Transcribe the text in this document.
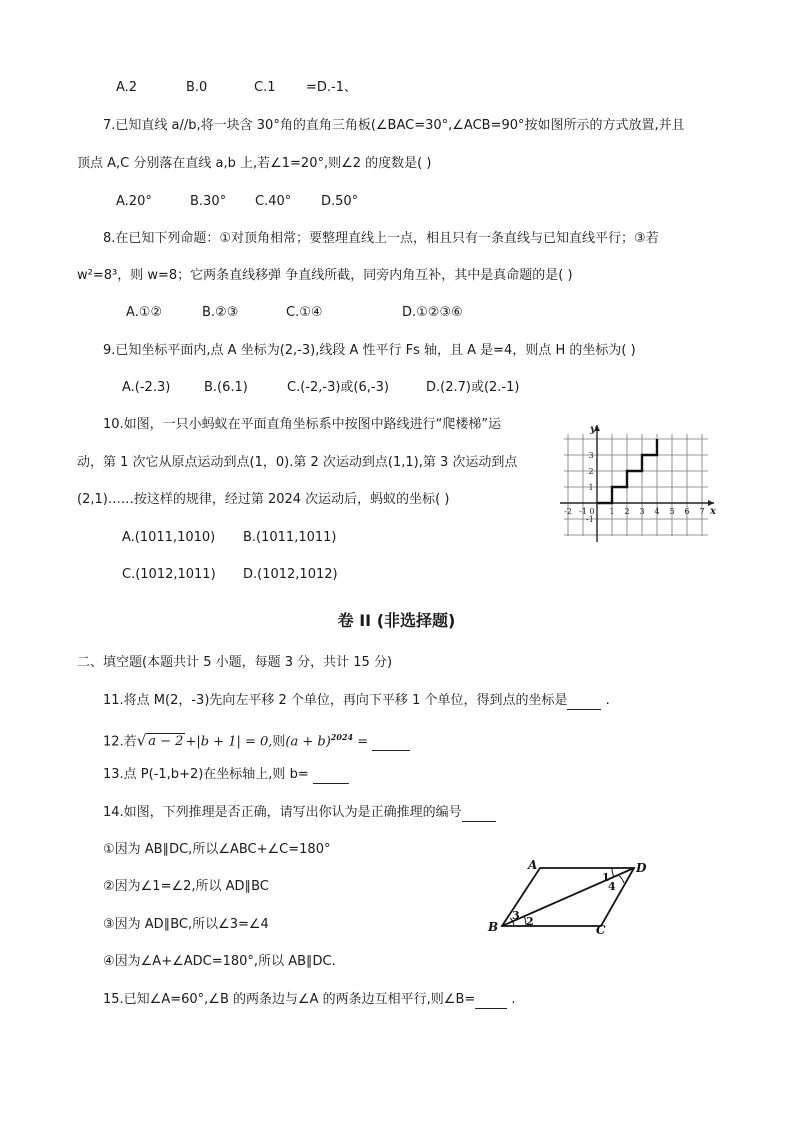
A.2	B.0	C.1 =D.-1、
7.已知直线 a//b,将一块含 30°角的直角三角板(∠BAC=30°,∠ACB=90°按如图所示的方式放置,并且
顶点 A,C 分别落在直线 a,b 上,若∠1=20°,则∠2 的度数是( )
A.20°	B.30° C.40° D.50°
8.在已知下列命题：①对顶角相常；要整理直线上一点，相且只有一条直线与已知直线平行；③若
w²=8³，则 w=8；它两条直线移弹 争直线所截，同旁内角互补，其中是真命题的是( )
A.①②	B.②③	C.①④	D.①②③⑥
9.已知坐标平面内,点 A 坐标为(2,-3),线段 A 性平行 Fs 轴，且 A 是=4，则点 H 的坐标为( )
A.(-2.3)	B.(6.1)	C.(-2,-3)或(6,-3)	D.(2.7)或(2.-1)
10.如图，一只小蚂蚁在平面直角坐标系中按图中路线进行“爬楼梯”运
动，第 1 次它从原点运动到点(1，0).第 2 次运动到点(1,1),第 3 次运动到点
(2,1)……按这样的规律，经过第 2024 次运动后，蚂蚁的坐标( )
A.(1011,1010) B.(1011,1011)
C.(1012,1011) D.(1012,1012)
y
x
-2 -1 0 1 2 3 4 5 6 7
3
2
1
-1
卷 II (非选择题)
二、填空题(本题共计 5 小题，每题 3 分，共计 15 分)
11.将点 M(2，-3)先向左平移 2 个单位，再向下平移 1 个单位，得到点的坐标是	.
12.若√ a − 2 +|b + 1| = 0,则$(a + b)^{2024}$ =
13.点 P(-1,b+2)在坐标轴上,则 b=
14.如图，下列推理是否正确，请写出你认为是正确推理的编号
①因为 AB∥DC,所以∠ABC+∠C=180°
②因为∠1=∠2,所以 AD∥BC
③因为 AD∥BC,所以∠3=∠4
④因为∠A+∠ADC=180°,所以 AB∥DC.
A	D
B	C
1
4
3 2
15.已知∠A=60°,∠B 的两条边与∠A 的两条边互相平行,则∠B=	.
